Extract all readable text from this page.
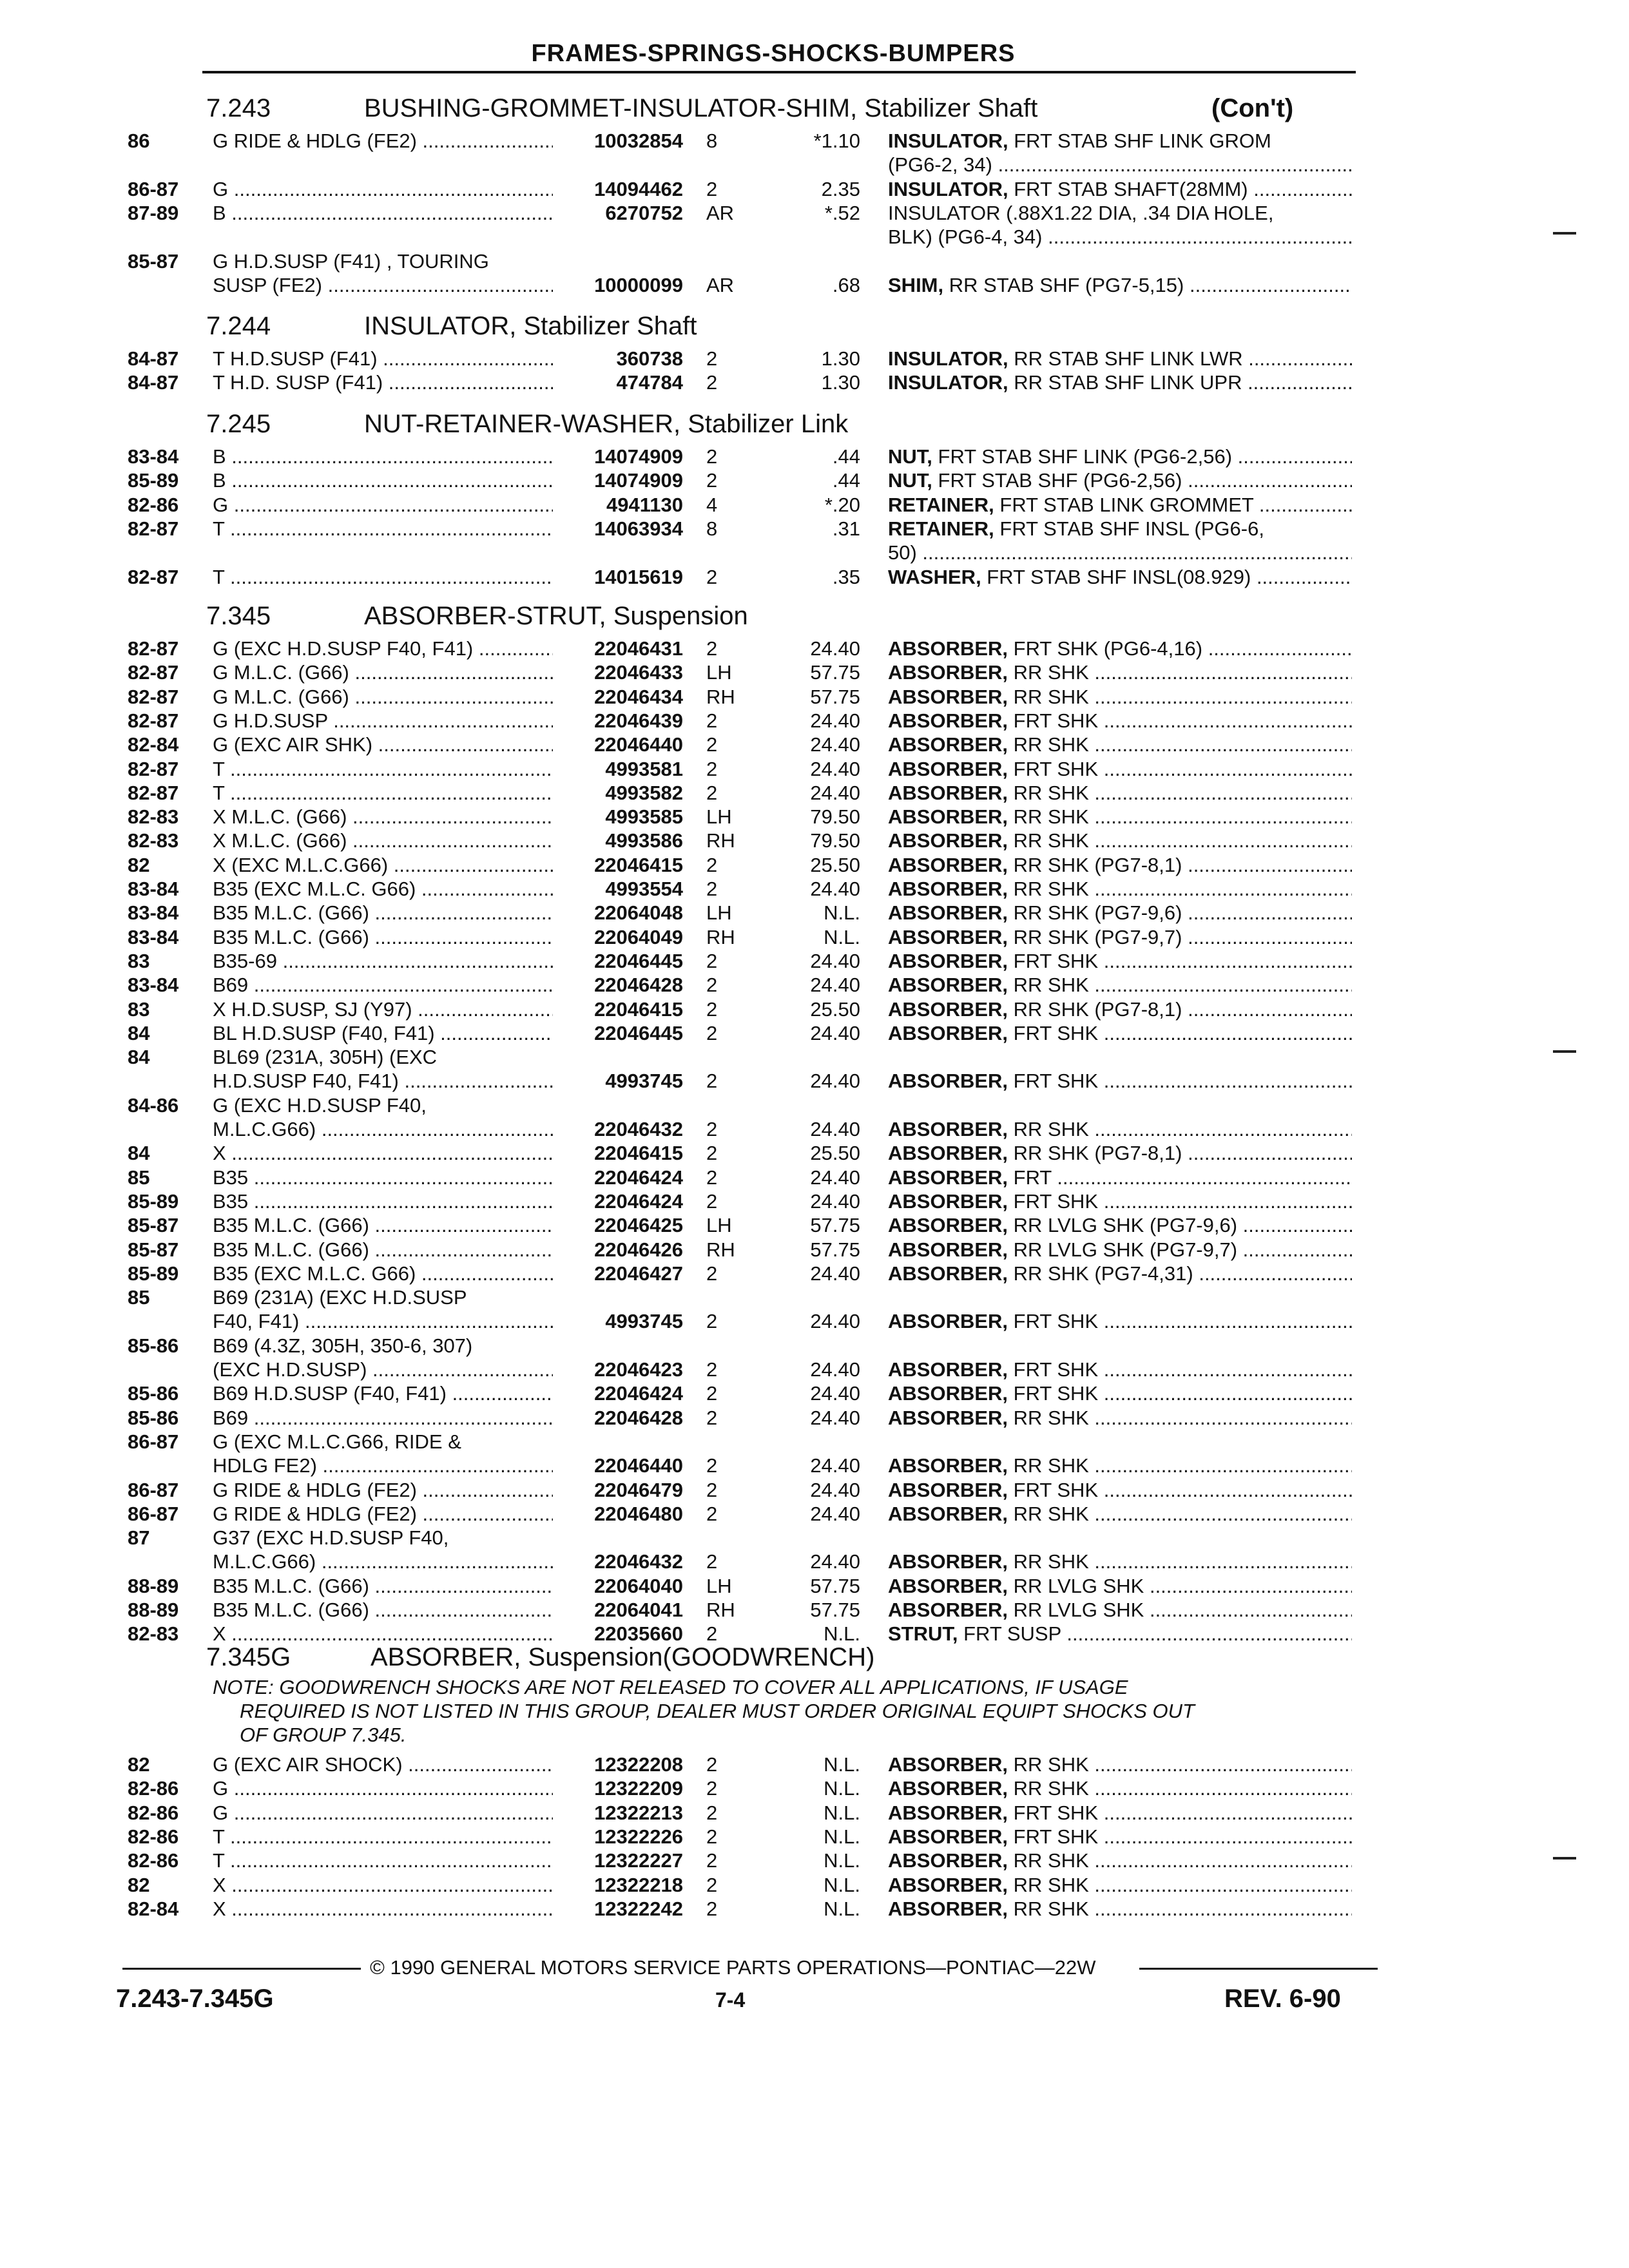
FRAMES-SPRINGS-SHOCKS-BUMPERS
7.243	BUSHING-GROMMET-INSULATOR-SHIM, Stabilizer Shaft	(Con't)
7.244	INSULATOR, Stabilizer Shaft
7.245	NUT-RETAINER-WASHER, Stabilizer Link
7.345	ABSORBER-STRUT, Suspension
7.345G	ABSORBER, Suspension(GOODWRENCH)
NOTE: GOODWRENCH SHOCKS ARE NOT RELEASED TO COVER ALL APPLICATIONS, IF USAGE
REQUIRED IS NOT LISTED IN THIS GROUP, DEALER MUST ORDER ORIGINAL EQUIPT SHOCKS OUT
OF GROUP 7.345.
86	G RIDE & HDLG (FE2) .....	10032854 8	*1.10 INSULATOR, FRT STAB SHF LINK GROM
(PG6-2, 34) .....
86-87 G .....	14094462 2	2.35 INSULATOR, FRT STAB SHAFT(28MM) .....
87-89 B .....	6270752 AR	*.52 INSULATOR (.88X1.22 DIA, .34 DIA HOLE,
BLK) (PG6-4, 34) .....
85-87 G H.D.SUSP (F41) , TOURING
SUSP (FE2) .....	10000099 AR	.68 SHIM, RR STAB SHF (PG7-5,15) .....
84-87 T H.D.SUSP (F41) .....	360738 2	1.30 INSULATOR, RR STAB SHF LINK LWR .....
84-87 T H.D. SUSP (F41) .....	474784 2	1.30 INSULATOR, RR STAB SHF LINK UPR .....
83-84 B .....	14074909 2	.44 NUT, FRT STAB SHF LINK (PG6-2,56) .....
85-89 B .....	14074909 2	.44 NUT, FRT STAB SHF (PG6-2,56) .....
82-86 G .....	4941130 4	*.20 RETAINER, FRT STAB LINK GROMMET .....
82-87 T .....	14063934 8	.31 RETAINER, FRT STAB SHF INSL (PG6-6,
50) .....
82-87 T .....	14015619 2	.35 WASHER, FRT STAB SHF INSL(08.929) .....
82-87 G (EXC H.D.SUSP F40, F41) .....	22046431 2	24.40 ABSORBER, FRT SHK (PG6-4,16) .....
82-87 G M.L.C. (G66) .....	22046433 LH	57.75 ABSORBER, RR SHK .....
82-87 G M.L.C. (G66) .....	22046434 RH	57.75 ABSORBER, RR SHK .....
82-87 G H.D.SUSP .....	22046439 2	24.40 ABSORBER, FRT SHK .....
82-84 G (EXC AIR SHK) .....	22046440 2	24.40 ABSORBER, RR SHK .....
82-87 T .....	4993581 2	24.40 ABSORBER, FRT SHK .....
82-87 T .....	4993582 2	24.40 ABSORBER, RR SHK .....
82-83 X M.L.C. (G66) .....	4993585 LH	79.50 ABSORBER, RR SHK .....
82-83 X M.L.C. (G66) .....	4993586 RH	79.50 ABSORBER, RR SHK .....
82	X (EXC M.L.C.G66) .....	22046415 2	25.50 ABSORBER, RR SHK (PG7-8,1) .....
83-84 B35 (EXC M.L.C. G66) .....	4993554 2	24.40 ABSORBER, RR SHK .....
83-84 B35 M.L.C. (G66) .....	22064048 LH	N.L. ABSORBER, RR SHK (PG7-9,6) .....
83-84 B35 M.L.C. (G66) .....	22064049 RH	N.L. ABSORBER, RR SHK (PG7-9,7) .....
83	B35-69 .....	22046445 2	24.40 ABSORBER, FRT SHK .....
83-84 B69 .....	22046428 2	24.40 ABSORBER, RR SHK .....
83	X H.D.SUSP, SJ (Y97) .....	22046415 2	25.50 ABSORBER, RR SHK (PG7-8,1) .....
84	BL H.D.SUSP (F40, F41) .....	22046445 2	24.40 ABSORBER, FRT SHK .....
84	BL69 (231A, 305H) (EXC
H.D.SUSP F40, F41) .....	4993745 2	24.40 ABSORBER, FRT SHK .....
84-86 G (EXC H.D.SUSP F40,
M.L.C.G66) .....	22046432 2	24.40 ABSORBER, RR SHK .....
84	X .....	22046415 2	25.50 ABSORBER, RR SHK (PG7-8,1) .....
85	B35 .....	22046424 2	24.40 ABSORBER, FRT .....
85-89 B35 .....	22046424 2	24.40 ABSORBER, FRT SHK .....
85-87 B35 M.L.C. (G66) .....	22046425 LH	57.75 ABSORBER, RR LVLG SHK (PG7-9,6) .....
85-87 B35 M.L.C. (G66) .....	22046426 RH	57.75 ABSORBER, RR LVLG SHK (PG7-9,7) .....
85-89 B35 (EXC M.L.C. G66) .....	22046427 2	24.40 ABSORBER, RR SHK (PG7-4,31) .....
85	B69 (231A) (EXC H.D.SUSP
F40, F41) .....	4993745 2	24.40 ABSORBER, FRT SHK .....
85-86 B69 (4.3Z, 305H, 350-6, 307)
(EXC H.D.SUSP) .....	22046423 2	24.40 ABSORBER, FRT SHK .....
85-86 B69 H.D.SUSP (F40, F41) .....	22046424 2	24.40 ABSORBER, FRT SHK .....
85-86 B69 .....	22046428 2	24.40 ABSORBER, RR SHK .....
86-87 G (EXC M.L.C.G66, RIDE &
HDLG FE2) .....	22046440 2	24.40 ABSORBER, RR SHK .....
86-87 G RIDE & HDLG (FE2) .....	22046479 2	24.40 ABSORBER, FRT SHK .....
86-87 G RIDE & HDLG (FE2) .....	22046480 2	24.40 ABSORBER, RR SHK .....
87	G37 (EXC H.D.SUSP F40,
M.L.C.G66) .....	22046432 2	24.40 ABSORBER, RR SHK .....
88-89 B35 M.L.C. (G66) .....	22064040 LH	57.75 ABSORBER, RR LVLG SHK .....
88-89 B35 M.L.C. (G66) .....	22064041 RH	57.75 ABSORBER, RR LVLG SHK .....
82-83 X .....	22035660 2	N.L. STRUT, FRT SUSP .....
82	G (EXC AIR SHOCK) .....	12322208 2	N.L. ABSORBER, RR SHK .....
82-86 G .....	12322209 2	N.L. ABSORBER, RR SHK .....
82-86 G .....	12322213 2	N.L. ABSORBER, FRT SHK .....
82-86 T .....	12322226 2	N.L. ABSORBER, FRT SHK .....
82-86 T .....	12322227 2	N.L. ABSORBER, RR SHK .....
82	X .....	12322218 2	N.L. ABSORBER, RR SHK .....
82-84 X .....	12322242 2	N.L. ABSORBER, RR SHK .....
© 1990 GENERAL MOTORS SERVICE PARTS OPERATIONS—PONTIAC—22W
7.243-7.345G	7-4	REV. 6-90
